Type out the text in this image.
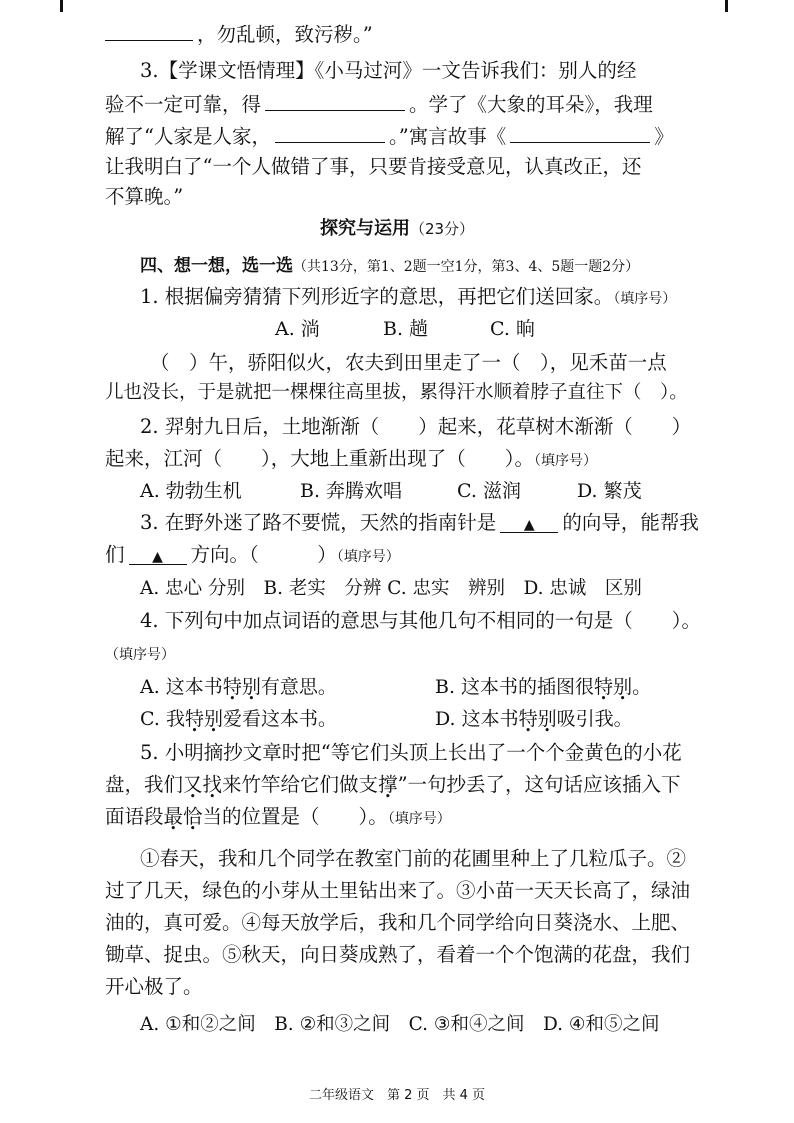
，勿乱顿，致污秽。”
3.【学课文悟情理】《小马过河》一文告诉我们：别人的经
验不一定可靠，得	。学了《大象的耳朵》，我理
解了“人家是人家，	。”寓言故事《	》
让我明白了“一个人做错了事，只要肯接受意见，认真改正，还
不算晚。”
探究与运用（23分）
四、想一想，选一选（共13分，第1、2题一空1分，第3、4、5题一题2分）
1. 根据偏旁猜猜下列形近字的意思，再把它们送回家。（填序号）
A. 淌	B. 趟	C. 晌
（　）午，骄阳似火，农夫到田里走了一（　），见禾苗一点
儿也没长，于是就把一棵棵往高里拔，累得汗水顺着脖子直往下（　）。
2. 羿射九日后，土地渐渐（　　）起来，花草树木渐渐（　　）
起来，江河（　　），大地上重新出现了（　　）。（填序号）
A. 勃勃生机	B. 奔腾欢唱	C. 滋润	D. 繁茂
3. 在野外迷了路不要慌，天然的指南针是 ▲ 的向导，能帮我
们 ▲ 方向。（　　　）（填序号）
A. 忠心 分别　B. 老实　分辨 C. 忠实　辨别　D. 忠诚　区别
4. 下列句中加点词语的意思与其他几句不相同的一句是（　　）。
（填序号）
A. 这本书特别有意思。	B. 这本书的插图很特别。
C. 我特别爱看这本书。	D. 这本书特别吸引我。
5. 小明摘抄文章时把“等它们头顶上长出了一个个金黄色的小花
盘，我们又找来竹竿给它们做支撑”一句抄丢了，这句话应该插入下
面语段最恰当的位置是（　　）。（填序号）
①春天，我和几个同学在教室门前的花圃里种上了几粒瓜子。②
过了几天，绿色的小芽从土里钻出来了。③小苗一天天长高了，绿油
油的，真可爱。④每天放学后，我和几个同学给向日葵浇水、上肥、
锄草、捉虫。⑤秋天，向日葵成熟了，看着一个个饱满的花盘，我们
开心极了。
A. ①和②之间　B. ②和③之间　C. ③和④之间　D. ④和⑤之间
二年级语文　第 2 页　共 4 页
